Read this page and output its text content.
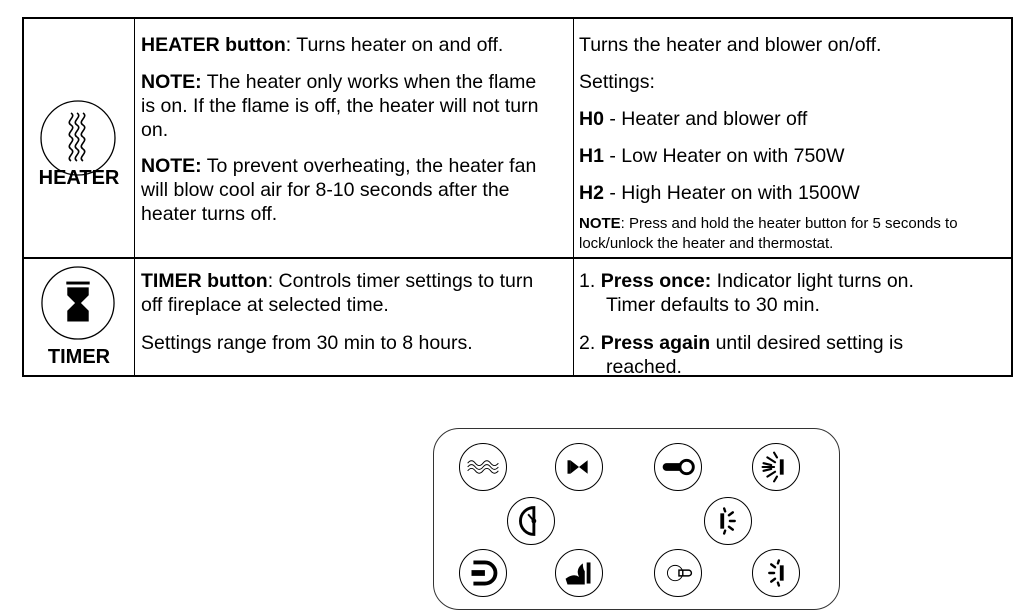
HEATER

HEATER button: Turns heater on and off.

NOTE: The heater only works when the flame is on. If the flame is off, the heater will not turn on.

NOTE: To prevent overheating, the heater fan will blow cool air for 8-10 seconds after the heater turns off.

Turns the heater and blower on/off.

Settings:

H0 - Heater and blower off

H1 - Low Heater on with 750W

H2 - High Heater on with 1500W

NOTE: Press and hold the heater button for 5 seconds to lock/unlock the heater and thermostat.

TIMER

TIMER button: Controls timer settings to turn off fireplace at selected time.

Settings range from 30 min to 8 hours.

1. Press once: Indicator light turns on.
Timer defaults to 30 min.

2. Press again until desired setting is
reached.
